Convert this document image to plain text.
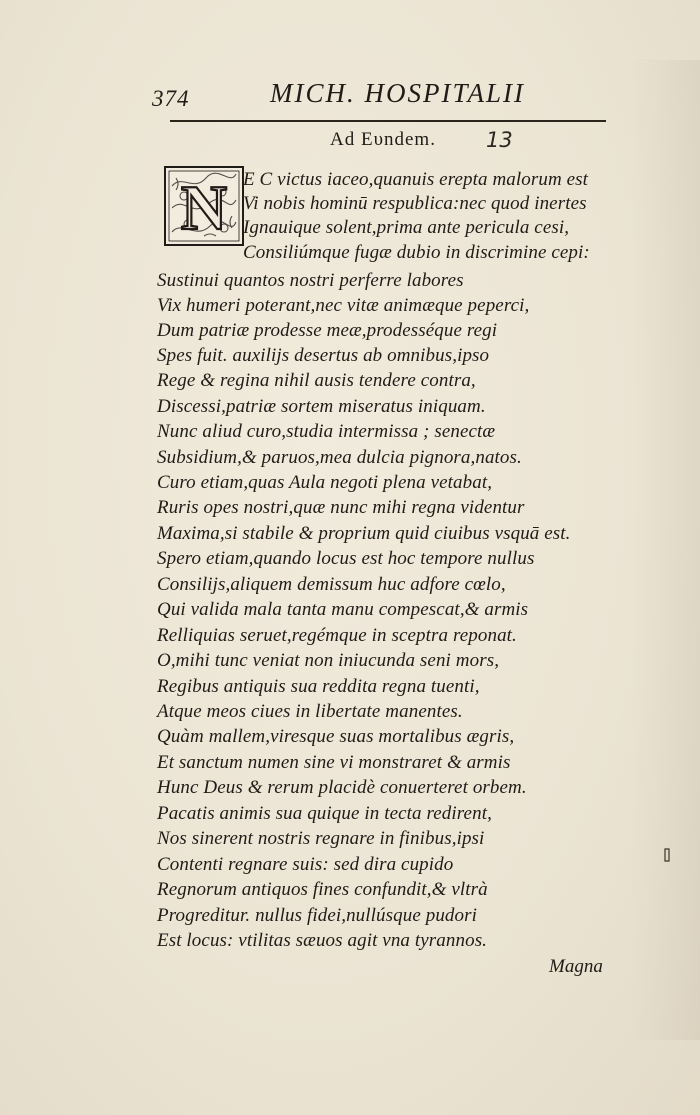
374	MICH. HOSPITALII
Ad Eυndem. 13
N E C victus iaceo,quanuis erepta malorum est
Vi nobis hominū respublica:nec quod inertes
Ignauique solent,prima ante pericula cesi,
Consiliúmque fugæ dubio in discrimine cepi:
Sustinui quantos nostri perferre labores
Vix humeri poterant,nec vitæ animæque peperci,
Dum patriæ prodesse meæ,prodesséque regi
Spes fuit. auxilijs desertus ab omnibus,ipso
Rege & regina nihil ausis tendere contra,
Discessi,patriæ sortem miseratus iniquam.
Nunc aliud curo,studia intermissa ; senectæ
Subsidium,& paruos,mea dulcia pignora,natos.
Curo etiam,quas Aula negoti plena vetabat,
Ruris opes nostri,quæ nunc mihi regna videntur
Maxima,si stabile & proprium quid ciuibus vsquā est.
Spero etiam,quando locus est hoc tempore nullus
Consilijs,aliquem demissum huc adfore cœlo,
Qui valida mala tanta manu compescat,& armis
Relliquias seruet,regémque in sceptra reponat.
O,mihi tunc veniat non iniucunda seni mors,
Regibus antiquis sua reddita regna tuenti,
Atque meos ciues in libertate manentes.
Quàm mallem,viresque suas mortalibus ægris,
Et sanctum numen sine vi monstraret & armis
Hunc Deus & rerum placidè conuerteret orbem.
Pacatis animis sua quique in tecta redirent,
Nos sinerent nostris regnare in finibus,ipsi
Contenti regnare suis: sed dira cupido
Regnorum antiquos fines confundit,& vltrà
Progreditur. nullus fidei,nullúsque pudori
Est locus: vtilitas sæuos agit vna tyrannos.
Magna
